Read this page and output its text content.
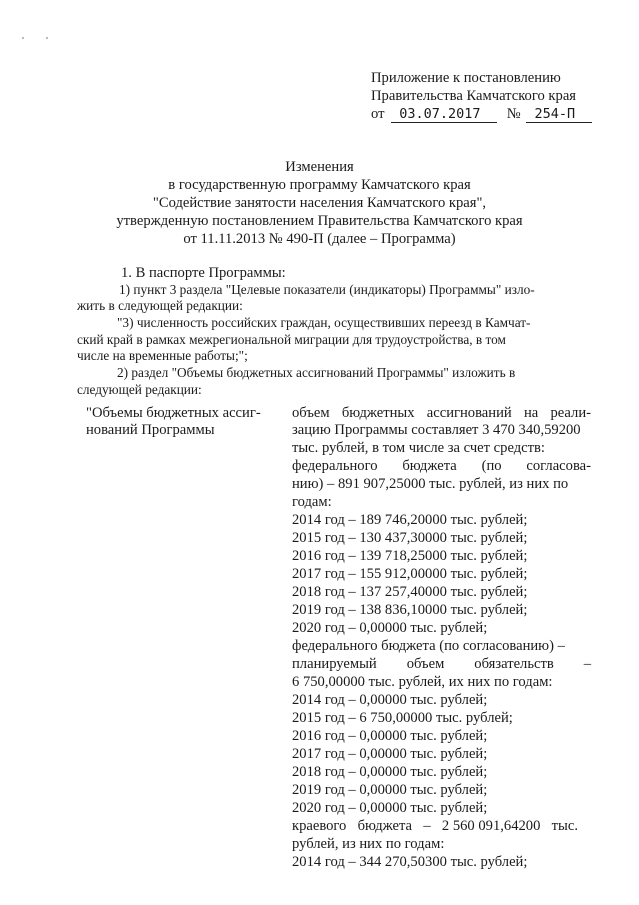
Приложение к постановлению
Правительства Камчатского края
от 03.07.2017 № 254-П
Изменения
в государственную программу Камчатского края
"Содействие занятости населения Камчатского края",
утвержденную постановлением Правительства Камчатского края
от 11.11.2013 № 490-П (далее – Программа)
1. В паспорте Программы:
1) пункт 3 раздела "Целевые показатели (индикаторы) Программы" изло-
жить в следующей редакции:
"3) численность российских граждан, осуществивших переезд в Камчат-
ский край в рамках межрегиональной миграции для трудоустройства, в том
числе на временные работы;";
2) раздел "Объемы бюджетных ассигнований Программы" изложить в
следующей редакции:
"Объемы бюджетных ассиг-
нований Программы
объем бюджетных ассигнований на реали-
зацию Программы составляет 3 470 340,59200
тыс. рублей, в том числе за счет средств:
федерального бюджета (по согласова-
нию) – 891 907,25000 тыс. рублей, из них по
годам:
2014 год – 189 746,20000 тыс. рублей;
2015 год – 130 437,30000 тыс. рублей;
2016 год – 139 718,25000 тыс. рублей;
2017 год – 155 912,00000 тыс. рублей;
2018 год – 137 257,40000 тыс. рублей;
2019 год – 138 836,10000 тыс. рублей;
2020 год – 0,00000 тыс. рублей;
федерального бюджета (по согласованию) –
планируемый объем обязательств –
6 750,00000 тыс. рублей, их них по годам:
2014 год – 0,00000 тыс. рублей;
2015 год – 6 750,00000 тыс. рублей;
2016 год – 0,00000 тыс. рублей;
2017 год – 0,00000 тыс. рублей;
2018 год – 0,00000 тыс. рублей;
2019 год – 0,00000 тыс. рублей;
2020 год – 0,00000 тыс. рублей;
краевого бюджета – 2 560 091,64200 тыс.
рублей, из них по годам:
2014 год – 344 270,50300 тыс. рублей;
